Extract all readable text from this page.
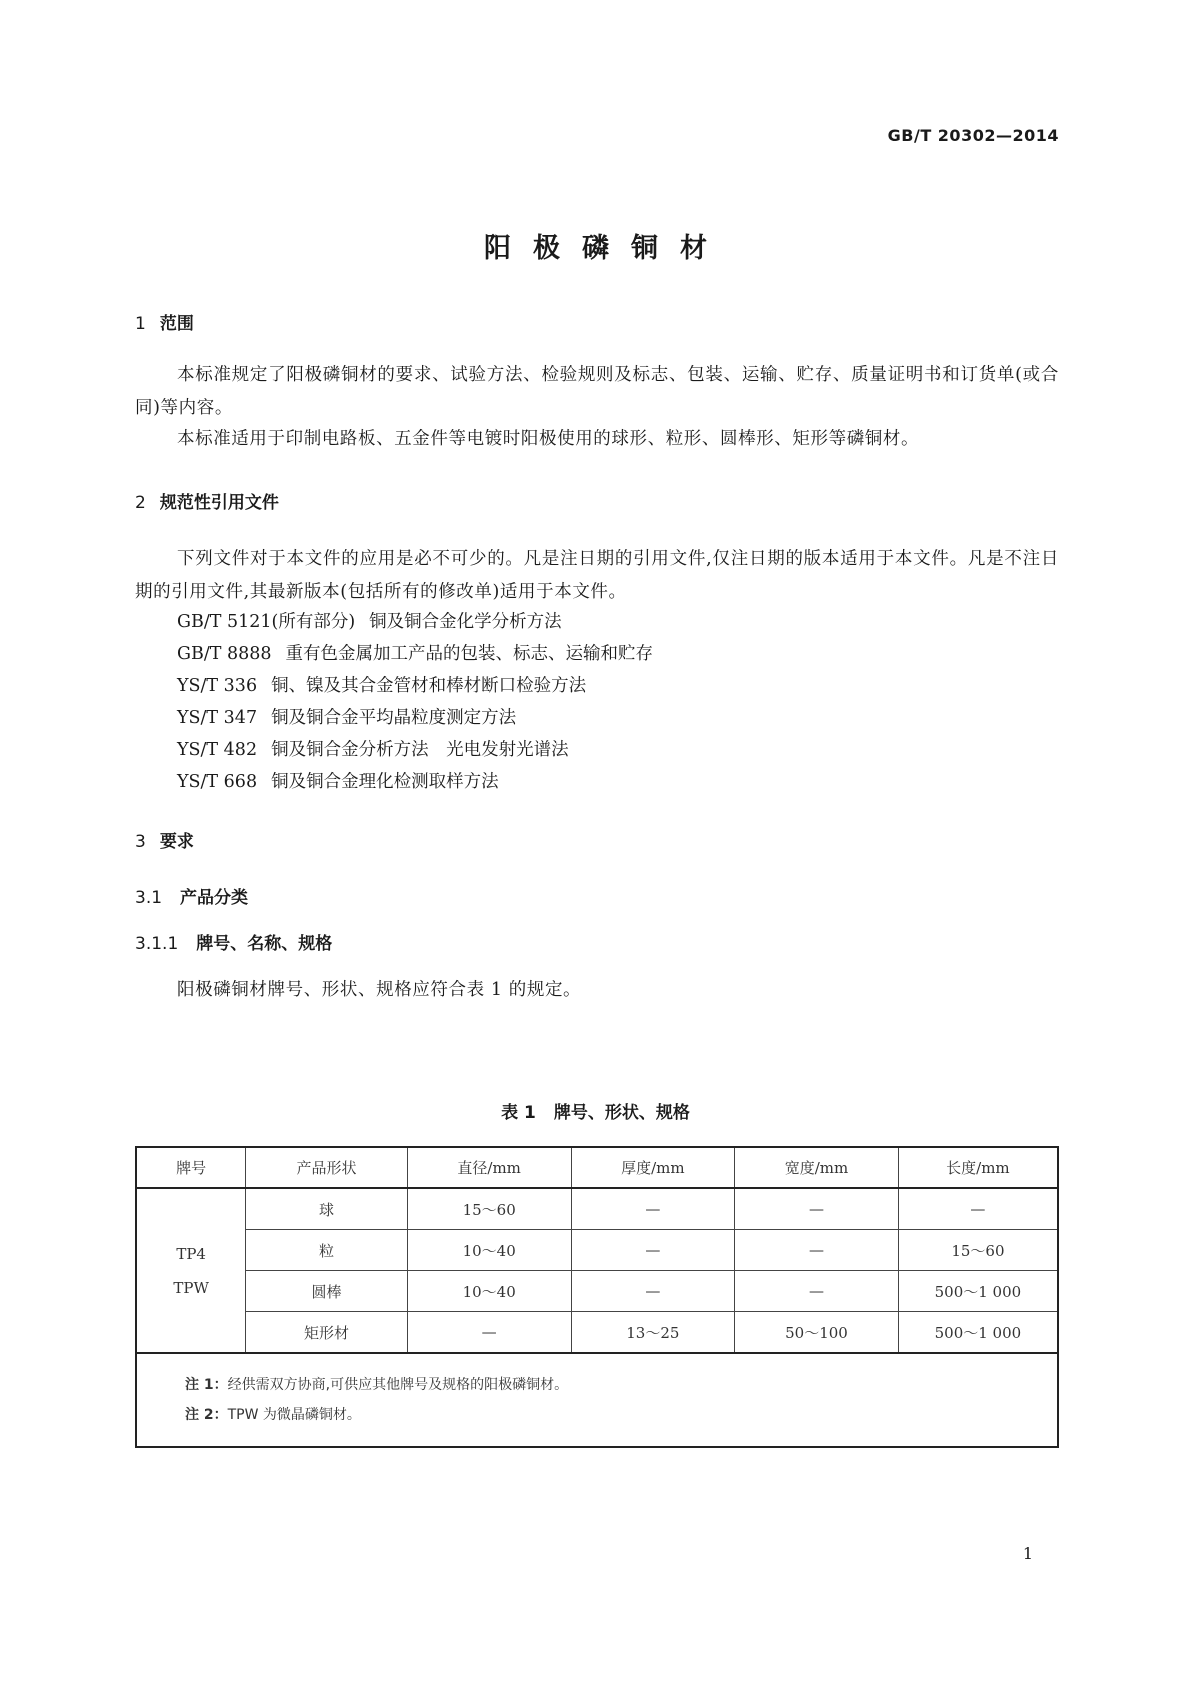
GB/T 20302—2014
阳极磷铜材
1 范围
本标准规定了阳极磷铜材的要求、试验方法、检验规则及标志、包装、运输、贮存、质量证明书和订货单(或合同)等内容。
本标准适用于印制电路板、五金件等电镀时阳极使用的球形、粒形、圆棒形、矩形等磷铜材。
2 规范性引用文件
下列文件对于本文件的应用是必不可少的。凡是注日期的引用文件,仅注日期的版本适用于本文件。凡是不注日期的引用文件,其最新版本(包括所有的修改单)适用于本文件。
GB/T 5121(所有部分) 铜及铜合金化学分析方法
GB/T 8888 重有色金属加工产品的包装、标志、运输和贮存
YS/T 336 铜、镍及其合金管材和棒材断口检验方法
YS/T 347 铜及铜合金平均晶粒度测定方法
YS/T 482 铜及铜合金分析方法　光电发射光谱法
YS/T 668 铜及铜合金理化检测取样方法
3 要求
3.1 产品分类
3.1.1 牌号、名称、规格
阳极磷铜材牌号、形状、规格应符合表 1 的规定。
表 1 牌号、形状、规格
牌号	产品形状	直径/mm	厚度/mm	宽度/mm	长度/mm

TP4
TPW	球	15～60	—	—	—
	粒	10～40	—	—	15～60
	圆棒	10～40	—	—	500～1 000
	矩形材	—	13～25	50～100	500～1 000

注 1：经供需双方协商,可供应其他牌号及规格的阳极磷铜材。
注 2：TPW 为微晶磷铜材。					
1
